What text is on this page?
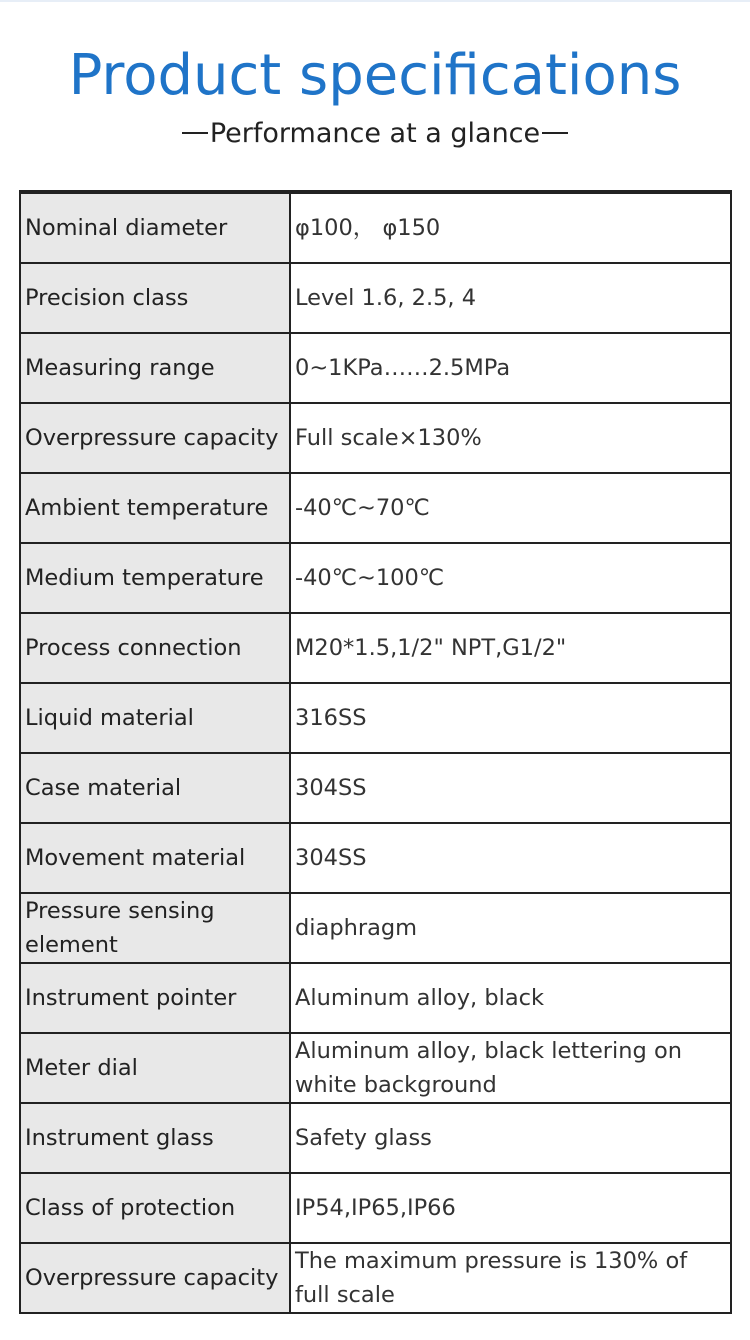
Product specifications
Performance at a glance
Nominal diameter	φ100， φ150
Precision class	Level 1.6, 2.5, 4
Measuring range	0~1KPa……2.5MPa
Overpressure capacity	Full scale×130%
Ambient temperature	-40℃~70℃
Medium temperature	-40℃~100℃
Process connection	M20*1.5,1/2" NPT,G1/2"
Liquid material	316SS
Case material	304SS
Movement material	304SS
Pressure sensing element	diaphragm
Instrument pointer	Aluminum alloy, black
Meter dial	Aluminum alloy, black lettering on white background
Instrument glass	Safety glass
Class of protection	IP54,IP65,IP66
Overpressure capacity	The maximum pressure is 130% of full scale
